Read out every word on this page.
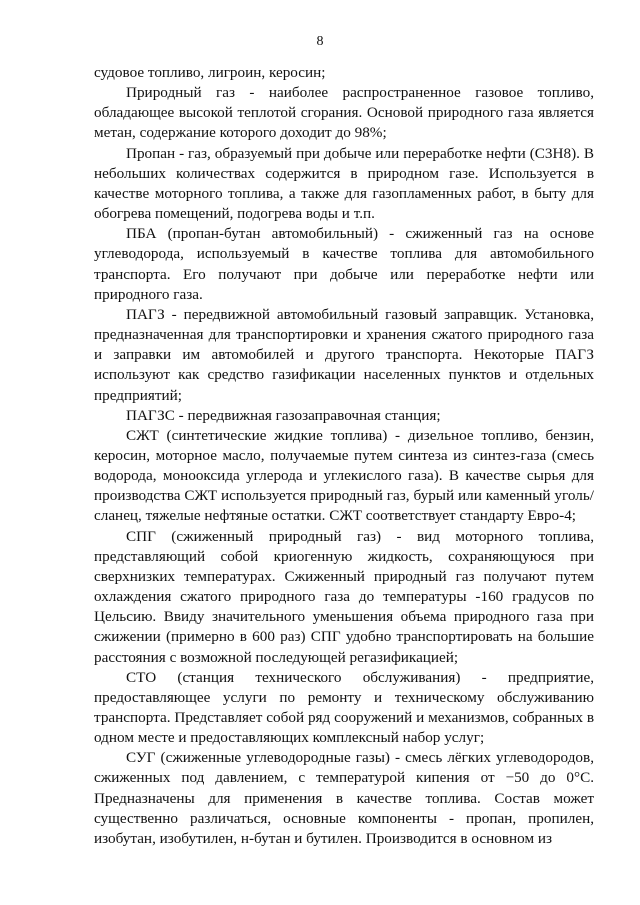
8

судовое топливо, лигроин, керосин;

Природный газ - наиболее распространенное газовое топливо, обладающее высокой теплотой сгорания. Основой природного газа является метан, содержание которого доходит до 98%;

Пропан - газ, образуемый при добыче или переработке нефти (C3H8). В небольших количествах содержится в природном газе. Используется в качестве моторного топлива, а также для газопламенных работ, в быту для обогрева помещений, подогрева воды и т.п.

ПБА (пропан-бутан автомобильный) - сжиженный газ на основе углеводорода, используемый в качестве топлива для автомобильного транспорта. Его получают при добыче или переработке нефти или природного газа.

ПАГЗ - передвижной автомобильный газовый заправщик. Установка, предназначенная для транспортировки и хранения сжатого природного газа и заправки им автомобилей и другого транспорта. Некоторые ПАГЗ используют как средство газификации населенных пунктов и отдельных предприятий;

ПАГЗС - передвижная газозаправочная станция;

СЖТ (синтетические жидкие топлива) - дизельное топливо, бензин, керосин, моторное масло, получаемые путем синтеза из синтез-газа (смесь водорода, монооксида углерода и углекислого газа). В качестве сырья для производства СЖТ используется природный газ, бурый или каменный уголь/сланец, тяжелые нефтяные остатки. СЖТ соответствует стандарту Евро-4;

СПГ (сжиженный природный газ) - вид моторного топлива, представляющий собой криогенную жидкость, сохраняющуюся при сверхнизких температурах. Сжиженный природный газ получают путем охлаждения сжатого природного газа до температуры -160 градусов по Цельсию. Ввиду значительного уменьшения объема природного газа при сжижении (примерно в 600 раз) СПГ удобно транспортировать на большие расстояния с возможной последующей регазификацией;

СТО (станция технического обслуживания) - предприятие, предоставляющее услуги по ремонту и техническому обслуживанию транспорта. Представляет собой ряд сооружений и механизмов, собранных в одном месте и предоставляющих комплексный набор услуг;

СУГ (сжиженные углеводородные газы) - смесь лёгких углеводородов, сжиженных под давлением, с температурой кипения от −50 до 0°C. Предназначены для применения в качестве топлива. Состав может существенно различаться, основные компоненты - пропан, пропилен, изобутан, изобутилен, н-бутан и бутилен. Производится в основном из
